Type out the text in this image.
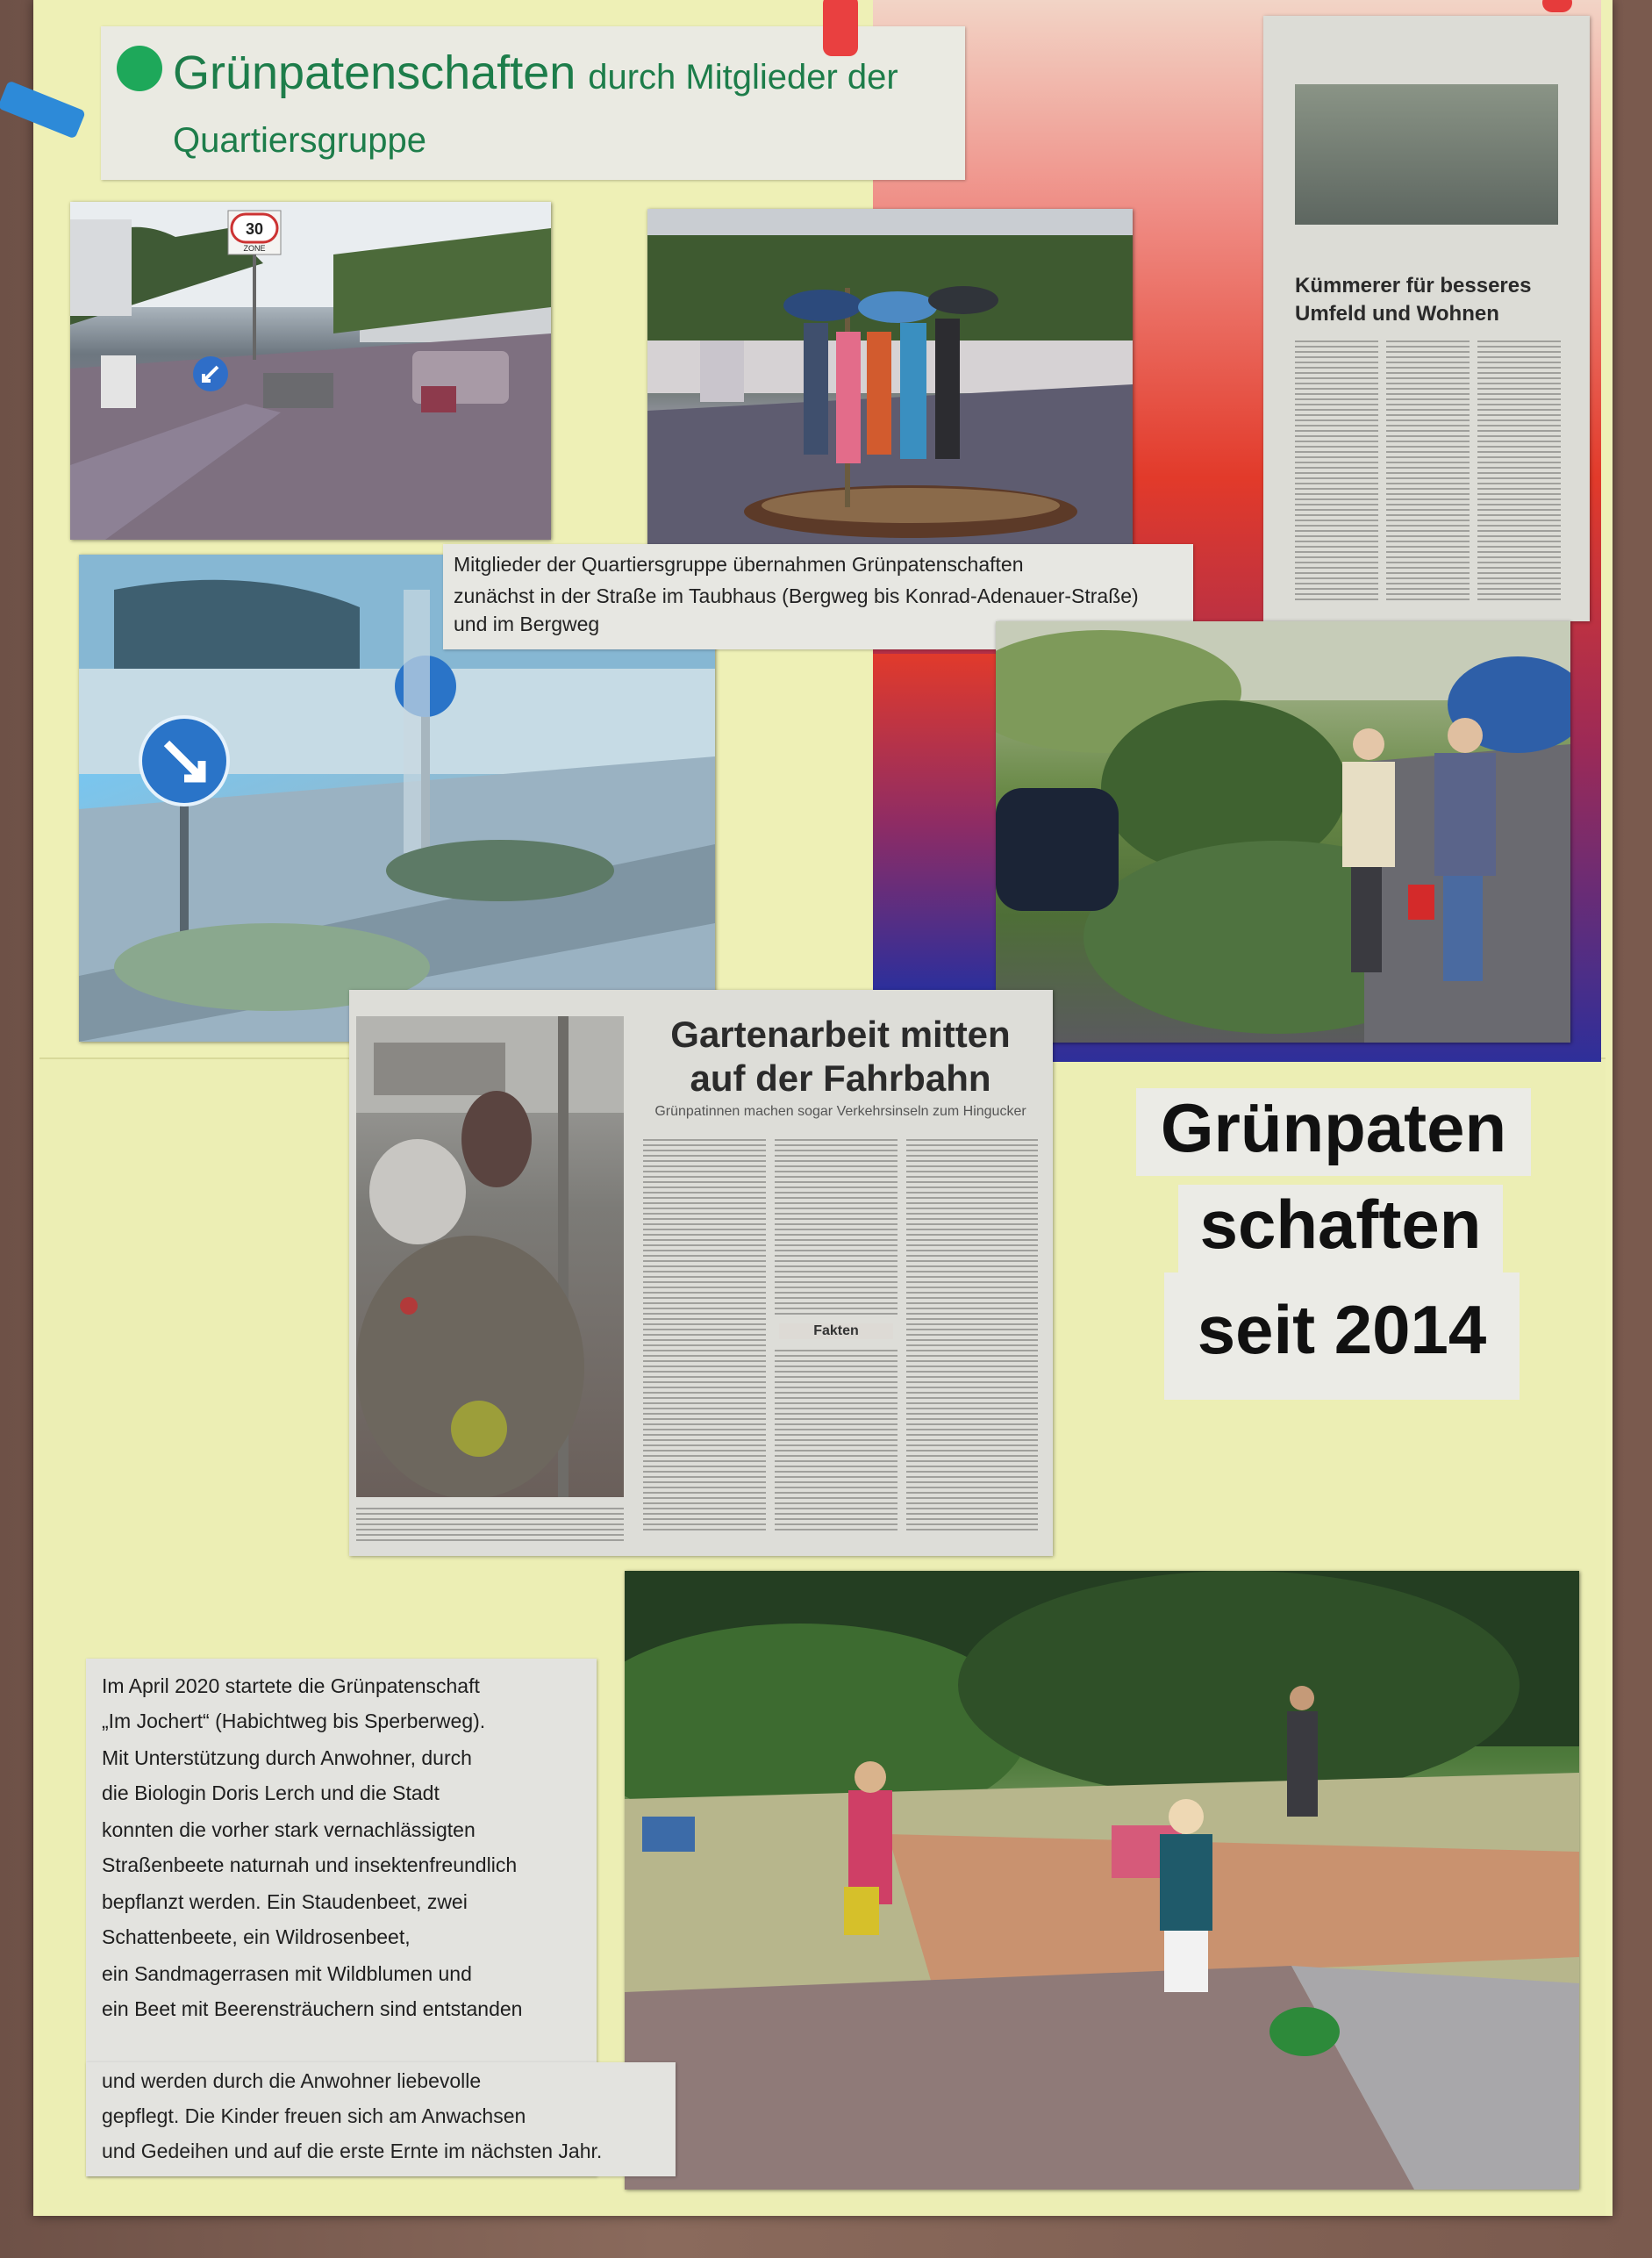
Grünpatenschaften durch Mitglieder der
Quartiersgruppe
30
ZONE
Kümmerer für besseres
Umfeld und Wohnen
Mitglieder der Quartiersgruppe übernahmen Grünpatenschaften
zunächst in der Straße im Taubhaus (Bergweg bis Konrad-Adenauer-Straße)
und im Bergweg
Gartenarbeit mitten
auf der Fahrbahn
Grünpatinnen machen sogar Verkehrsinseln zum Hingucker
Fakten
Grünpaten
schaften
seit 2014
Im April 2020 startete die Grünpatenschaft
„Im Jochert“ (Habichtweg bis Sperberweg).
Mit Unterstützung durch Anwohner, durch
die Biologin Doris Lerch und die Stadt
konnten die vorher stark vernachlässigten
Straßenbeete naturnah und insektenfreundlich
bepflanzt werden. Ein Staudenbeet, zwei
Schattenbeete, ein Wildrosenbeet,
ein Sandmagerrasen mit Wildblumen und
ein Beet mit Beerensträuchern sind entstanden
und werden durch die Anwohner liebevolle
gepflegt. Die Kinder freuen sich am Anwachsen
und Gedeihen und auf die erste Ernte im nächsten Jahr.
